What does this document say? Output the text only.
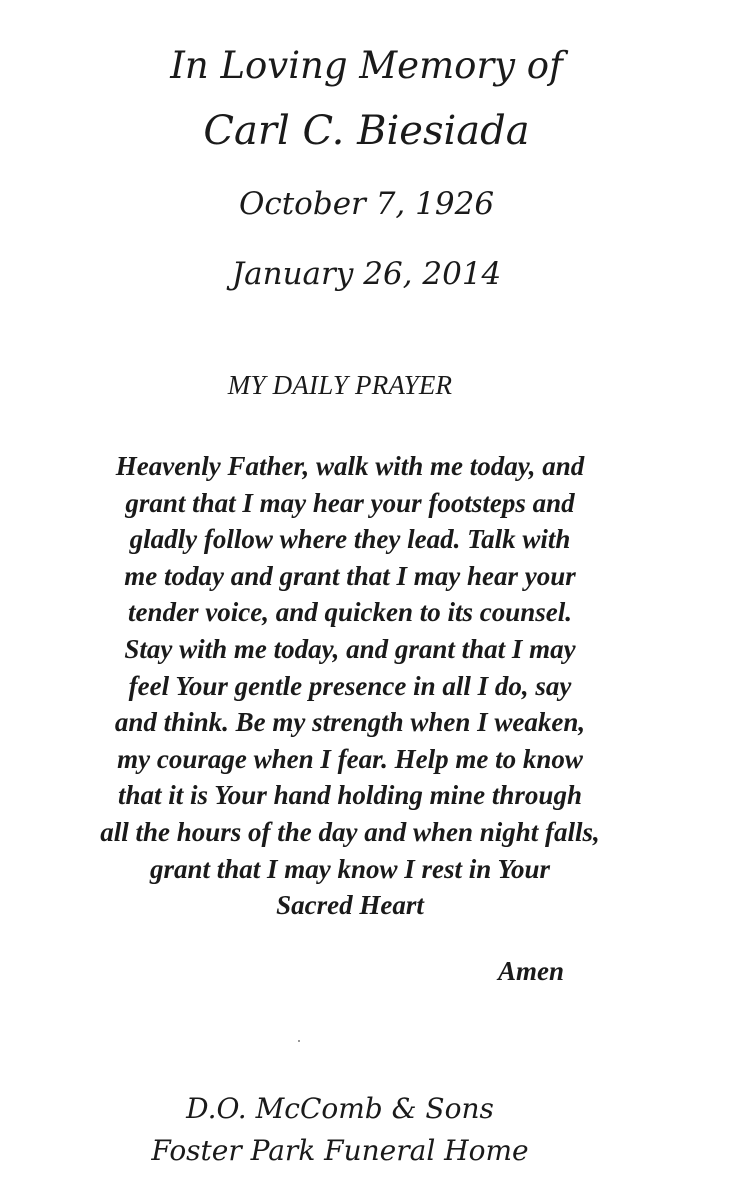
In Loving Memory of

Carl C. Biesiada

October 7, 1926

January 26, 2014

MY DAILY PRAYER

Heavenly Father, walk with me today, and
grant that I may hear your footsteps and
gladly follow where they lead. Talk with
me today and grant that I may hear your
tender voice, and quicken to its counsel.
Stay with me today, and grant that I may
feel Your gentle presence in all I do, say
and think. Be my strength when I weaken,
my courage when I fear. Help me to know
that it is Your hand holding mine through
all the hours of the day and when night falls,
grant that I may know I rest in Your
Sacred Heart

Amen

D.O. McComb & Sons

Foster Park Funeral Home
